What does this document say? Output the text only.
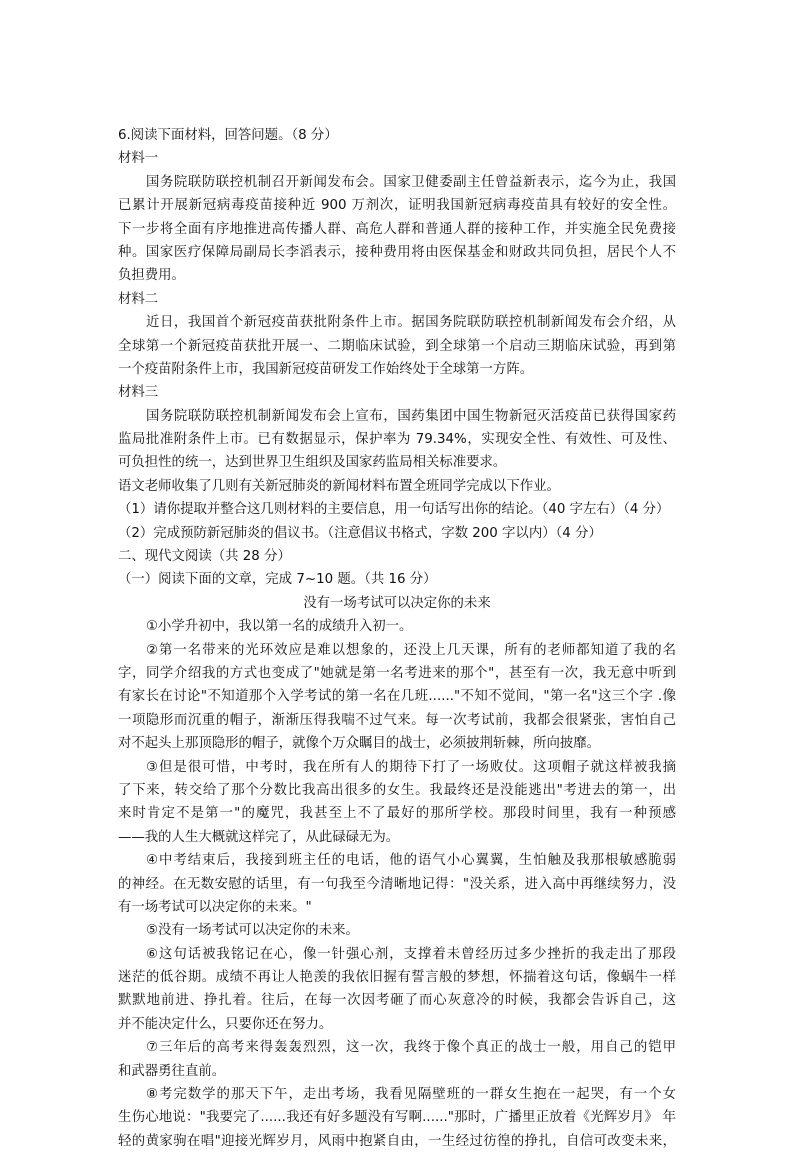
6.阅读下面材料，回答问题。（8 分）
材料一
国务院联防联控机制召开新闻发布会。国家卫健委副主任曾益新表示，迄今为止，我国
已累计开展新冠病毒疫苗接种近 900 万剂次，证明我国新冠病毒疫苗具有较好的安全性。
下一步将全面有序地推进高传播人群、高危人群和普通人群的接种工作，并实施全民免费接
种。国家医疗保障局副局长李滔表示，接种费用将由医保基金和财政共同负担，居民个人不
负担费用。
材料二
近日，我国首个新冠疫苗获批附条件上市。据国务院联防联控机制新闻发布会介绍，从
全球第一个新冠疫苗获批开展一、二期临床试验，到全球第一个启动三期临床试验，再到第
一个疫苗附条件上市，我国新冠疫苗研发工作始终处于全球第一方阵。
材料三
国务院联防联控机制新闻发布会上宣布，国药集团中国生物新冠灭活疫苗已获得国家药
监局批准附条件上市。已有数据显示，保护率为 79.34%，实现安全性、有效性、可及性、
可负担性的统一，达到世界卫生组织及国家药监局相关标准要求。
语文老师收集了几则有关新冠肺炎的新闻材料布置全班同学完成以下作业。
（1）请你提取并整合这几则材料的主要信息，用一句话写出你的结论。（40 字左右）（4 分）
（2）完成预防新冠肺炎的倡议书。（注意倡议书格式，字数 200 字以内）（4 分）
二、现代文阅读（共 28 分）
（一）阅读下面的文章，完成 7~10 题。（共 16 分）
没有一场考试可以决定你的未来
①小学升初中，我以第一名的成绩升入初一。
②第一名带来的光环效应是难以想象的，还没上几天课，所有的老师都知道了我的名
字，同学介绍我的方式也变成了"她就是第一名考进来的那个"，甚至有一次，我无意中听到
有家长在讨论"不知道那个入学考试的第一名在几班......"不知不觉间，"第一名"这三个字 .像
一项隐形而沉重的帽子，渐渐压得我喘不过气来。每一次考试前，我都会很紧张，害怕自己
对不起头上那顶隐形的帽子，就像个万众瞩目的战士，必须披荆斩棘，所向披靡。
③但是很可惜，中考时，我在所有人的期待下打了一场败仗。这项帽子就这样被我摘
了下来，转交给了那个分数比我高出很多的女生。我最终还是没能逃出"考进去的第一，出
来时肯定不是第一"的魔咒，我甚至上不了最好的那所学校。那段时间里，我有一种预感
——我的人生大概就这样完了，从此碌碌无为。
④中考结束后，我接到班主任的电话，他的语气小心翼翼，生怕触及我那根敏感脆弱
的神经。在无数安慰的话里，有一句我至今清晰地记得："没关系，进入高中再继续努力，没
有一场考试可以决定你的未来。"
⑤没有一场考试可以决定你的未来。
⑥这句话被我铭记在心，像一针强心剂，支撑着未曾经历过多少挫折的我走出了那段
迷茫的低谷期。成绩不再让人艳羡的我依旧握有誓言般的梦想，怀揣着这句话，像蜗牛一样
默默地前进、挣扎着。往后，在每一次因考砸了而心灰意冷的时候，我都会告诉自己，这
并不能决定什么，只要你还在努力。
⑦三年后的高考来得轰轰烈烈，这一次，我终于像个真正的战士一般，用自己的铠甲
和武器勇往直前。
⑧考完数学的那天下午，走出考场，我看见隔壁班的一群女生抱在一起哭，有一个女
生伤心地说："我要完了......我还有好多题没有写啊......"那时，广播里正放着《光辉岁月》 年
轻的黄家驹在唱"迎接光辉岁月，风雨中抱紧自由，一生经过彷徨的挣扎，自信可改变未来，
